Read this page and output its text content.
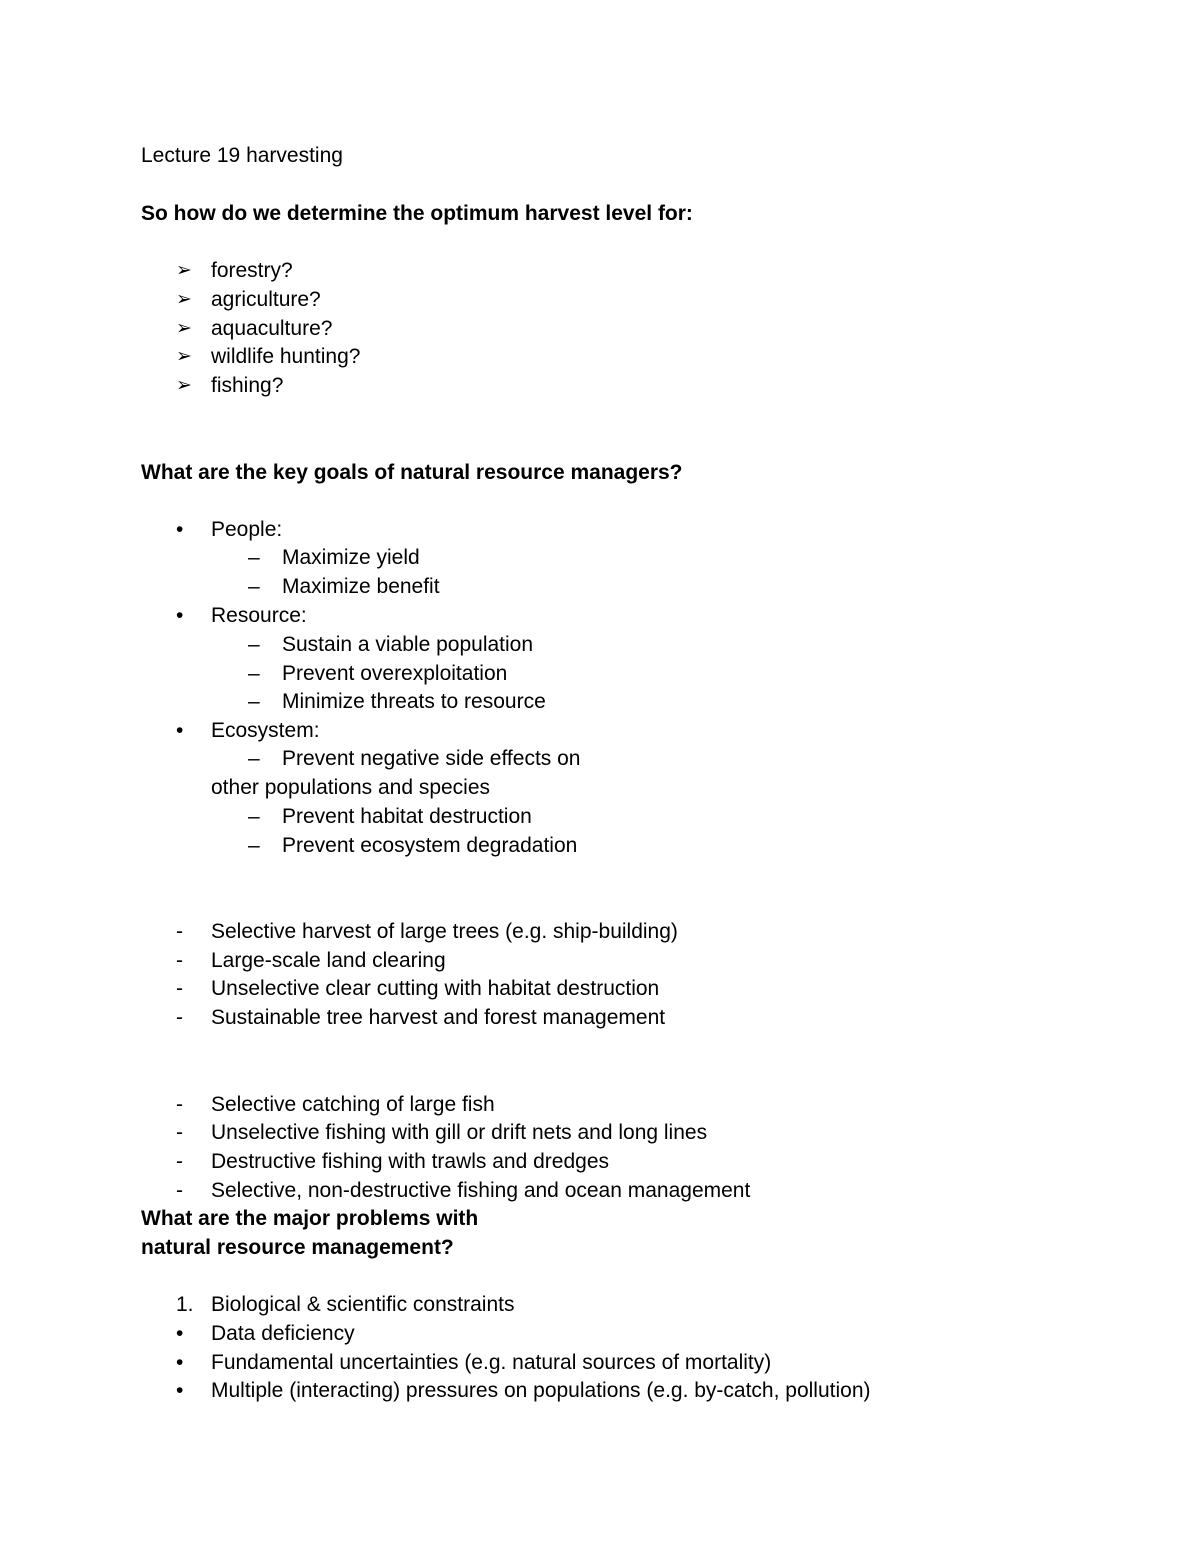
Lecture 19 harvesting
So how do we determine the optimum harvest level for:
➢ forestry?
➢ agriculture?
➢ aquaculture?
➢ wildlife hunting?
➢ fishing?
What are the key goals of natural resource managers?
• People:
– Maximize yield
– Maximize benefit
• Resource:
– Sustain a viable population
– Prevent overexploitation
– Minimize threats to resource
• Ecosystem:
– Prevent negative side effects on
other populations and species
– Prevent habitat destruction
– Prevent ecosystem degradation
- Selective harvest of large trees (e.g. ship-building)
- Large-scale land clearing
- Unselective clear cutting with habitat destruction
- Sustainable tree harvest and forest management
- Selective catching of large fish
- Unselective fishing with gill or drift nets and long lines
- Destructive fishing with trawls and dredges
- Selective, non-destructive fishing and ocean management
What are the major problems with
natural resource management?
1. Biological & scientific constraints
• Data deficiency
• Fundamental uncertainties (e.g. natural sources of mortality)
• Multiple (interacting) pressures on populations (e.g. by-catch, pollution)
